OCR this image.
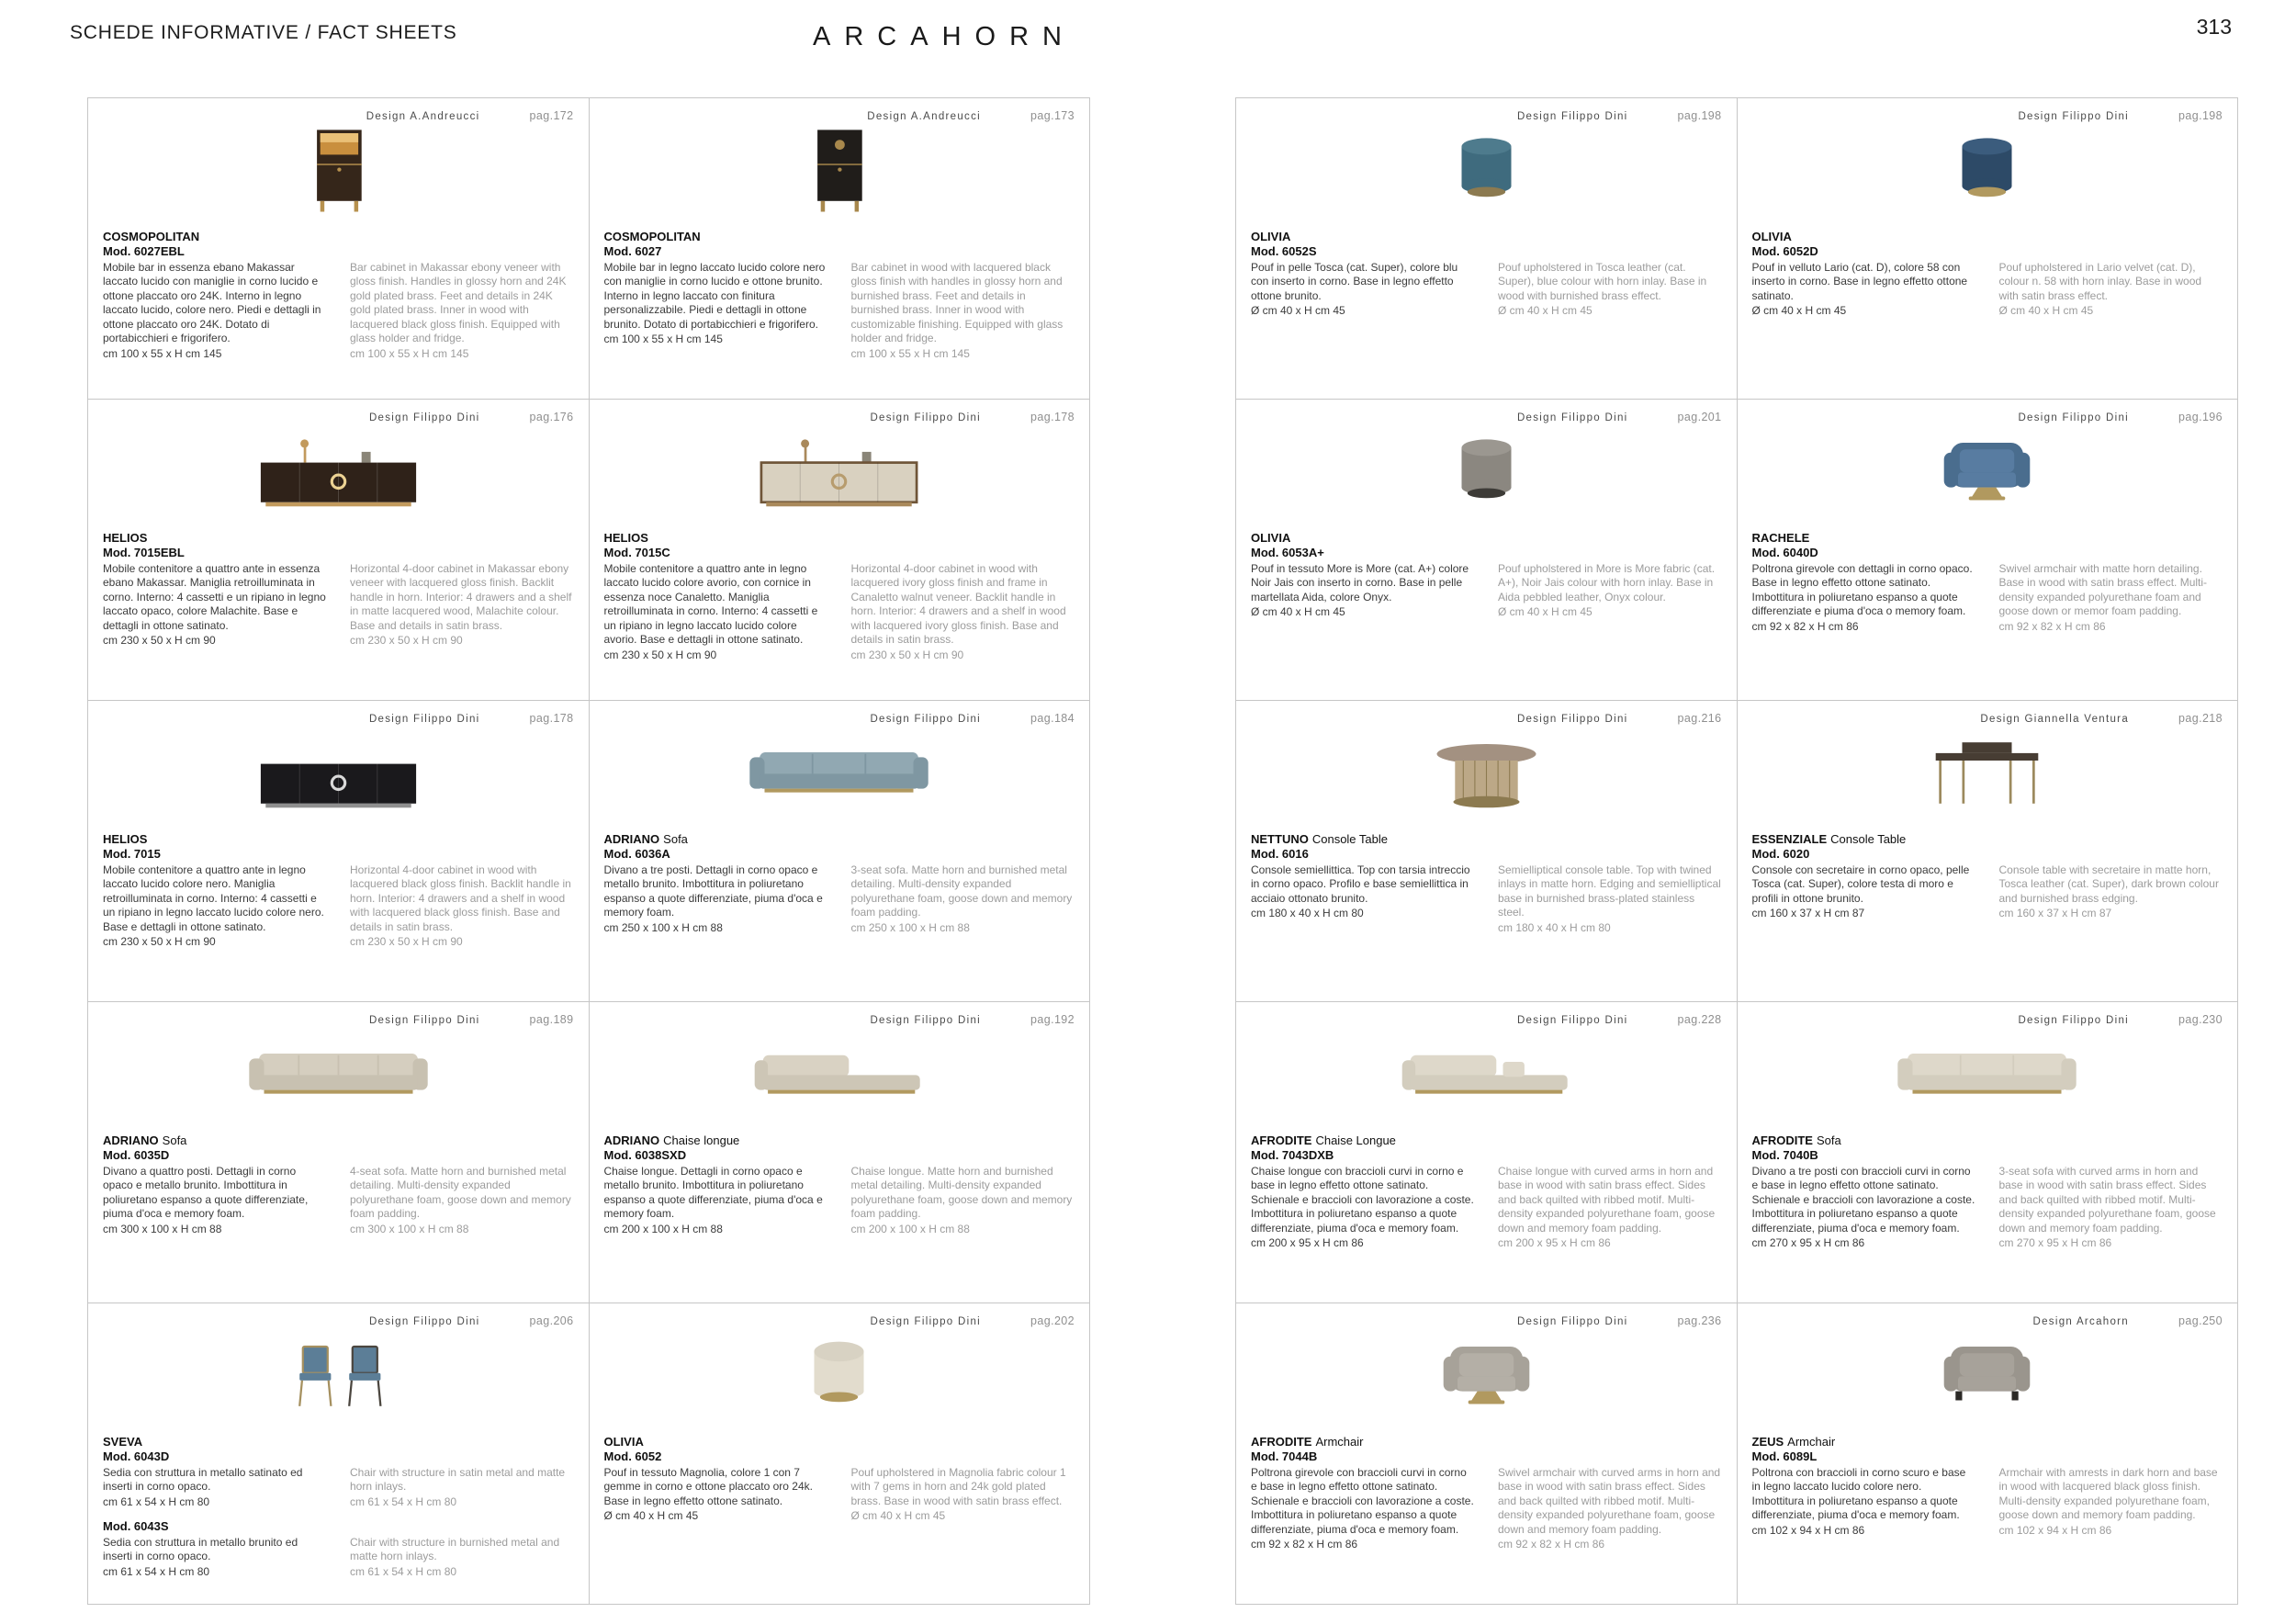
SCHEDE INFORMATIVE / FACT SHEETS	ARCAHORN	313
Design A.Andreucci	pag.172
COSMOPOLITAN
Mod. 6027EBL
Mobile bar in essenza ebano Makassar laccato lucido con maniglie in corno lucido e ottone placcato oro 24K. Interno in legno laccato lucido, colore nero. Piedi e dettagli in ottone placcato oro 24K. Dotato di portabicchieri e frigorifero.
cm 100 x 55 x H cm 145
Bar cabinet in Makassar ebony veneer with gloss finish. Handles in glossy horn and 24K gold plated brass. Feet and details in 24K gold plated brass. Inner in wood with lacquered black gloss finish. Equipped with glass holder and fridge.
cm 100 x 55 x H cm 145
Design A.Andreucci	pag.173
COSMOPOLITAN
Mod. 6027
Mobile bar in legno laccato lucido colore nero con maniglie in corno lucido e ottone brunito. Interno in legno laccato con finitura personalizzabile. Piedi e dettagli in ottone brunito. Dotato di portabicchieri e frigorifero.
cm 100 x 55 x H cm 145
Bar cabinet in wood with lacquered black gloss finish with handles in glossy horn and burnished brass. Feet and details in burnished brass. Inner in wood with customizable finishing. Equipped with glass holder and fridge.
cm 100 x 55 x H cm 145
Design Filippo Dini	pag.176
HELIOS
Mod. 7015EBL
Mobile contenitore a quattro ante in essenza ebano Makassar. Maniglia retroilluminata in corno. Interno: 4 cassetti e un ripiano in legno laccato opaco, colore Malachite. Base e dettagli in ottone satinato.
cm 230 x 50 x H cm 90
Horizontal 4-door cabinet in Makassar ebony veneer with lacquered gloss finish. Backlit handle in horn. Interior: 4 drawers and a shelf in matte lacquered wood, Malachite colour. Base and details in satin brass.
cm 230 x 50 x H cm 90
Design Filippo Dini	pag.178
HELIOS
Mod. 7015C
Mobile contenitore a quattro ante in legno laccato lucido colore avorio, con cornice in essenza noce Canaletto. Maniglia retroilluminata in corno. Interno: 4 cassetti e un ripiano in legno laccato lucido colore avorio. Base e dettagli in ottone satinato.
cm 230 x 50 x H cm 90
Horizontal 4-door cabinet in wood with lacquered ivory gloss finish and frame in Canaletto walnut veneer. Backlit handle in horn. Interior: 4 drawers and a shelf in wood with lacquered ivory gloss finish. Base and details in satin brass.
cm 230 x 50 x H cm 90
Design Filippo Dini	pag.178
HELIOS
Mod. 7015
Mobile contenitore a quattro ante in legno laccato lucido colore nero. Maniglia retroilluminata in corno. Interno: 4 cassetti e un ripiano in legno laccato lucido colore nero. Base e dettagli in ottone satinato.
cm 230 x 50 x H cm 90
Horizontal 4-door cabinet in wood with lacquered black gloss finish. Backlit handle in horn. Interior: 4 drawers and a shelf in wood with lacquered black gloss finish. Base and details in satin brass.
cm 230 x 50 x H cm 90
Design Filippo Dini	pag.184
ADRIANO Sofa
Mod. 6036A
Divano a tre posti. Dettagli in corno opaco e metallo brunito. Imbottitura in poliuretano espanso a quote differenziate, piuma d'oca e memory foam.
cm 250 x 100 x H cm 88
3-seat sofa. Matte horn and burnished metal detailing. Multi-density expanded polyurethane foam, goose down and memory foam padding.
cm 250 x 100 x H cm 88
Design Filippo Dini	pag.189
ADRIANO Sofa
Mod. 6035D
Divano a quattro posti. Dettagli in corno opaco e metallo brunito. Imbottitura in poliuretano espanso a quote differenziate, piuma d'oca e memory foam.
cm 300 x 100 x H cm 88
4-seat sofa. Matte horn and burnished metal detailing. Multi-density expanded polyurethane foam, goose down and memory foam padding.
cm 300 x 100 x H cm 88
Design Filippo Dini	pag.192
ADRIANO Chaise longue
Mod. 6038SXD
Chaise longue. Dettagli in corno opaco e metallo brunito. Imbottitura in poliuretano espanso a quote differenziate, piuma d'oca e memory foam.
cm 200 x 100 x H cm 88
Chaise longue. Matte horn and burnished metal detailing. Multi-density expanded polyurethane foam, goose down and memory foam padding.
cm 200 x 100 x H cm 88
Design Filippo Dini	pag.206
SVEVA
Mod. 6043D
Sedia con struttura in metallo satinato ed inserti in corno opaco.
cm 61 x 54 x H cm 80
Chair with structure in satin metal and matte horn inlays.
cm 61 x 54 x H cm 80
Mod. 6043S
Sedia con struttura in metallo brunito ed inserti in corno opaco.
cm 61 x 54 x H cm 80
Chair with structure in burnished metal and matte horn inlays.
cm 61 x 54 x H cm 80
Design Filippo Dini	pag.202
OLIVIA
Mod. 6052
Pouf in tessuto Magnolia, colore 1 con 7 gemme in corno e ottone placcato oro 24k. Base in legno effetto ottone satinato.
Ø cm 40 x H cm 45
Pouf upholstered in Magnolia fabric colour 1 with 7 gems in horn and 24k gold plated brass. Base in wood with satin brass effect.
Ø cm 40 x H cm 45
Design Filippo Dini	pag.198
OLIVIA
Mod. 6052S
Pouf in pelle Tosca (cat. Super), colore blu con inserto in corno. Base in legno effetto ottone brunito.
Ø cm 40 x H cm 45
Pouf upholstered in Tosca leather (cat. Super), blue colour with horn inlay. Base in wood with burnished brass effect.
Ø cm 40 x H cm 45
Design Filippo Dini	pag.198
OLIVIA
Mod. 6052D
Pouf in velluto Lario (cat. D), colore 58 con inserto in corno. Base in legno effetto ottone satinato.
Ø cm 40 x H cm 45
Pouf upholstered in Lario velvet (cat. D), colour n. 58 with horn inlay. Base in wood with satin brass effect.
Ø cm 40 x H cm 45
Design Filippo Dini	pag.201
OLIVIA
Mod. 6053A+
Pouf in tessuto More is More (cat. A+) colore Noir Jais con inserto in corno. Base in pelle martellata Aida, colore Onyx.
Ø cm 40 x H cm 45
Pouf upholstered in More is More fabric (cat. A+), Noir Jais colour with horn inlay. Base in Aida pebbled leather, Onyx colour.
Ø cm 40 x H cm 45
Design Filippo Dini	pag.196
RACHELE
Mod. 6040D
Poltrona girevole con dettagli in corno opaco. Base in legno effetto ottone satinato. Imbottitura in poliuretano espanso a quote differenziate e piuma d'oca o memory foam.
cm 92 x 82 x H cm 86
Swivel armchair with matte horn detailing. Base in wood with satin brass effect. Multi-density expanded polyurethane foam and goose down or memor foam padding.
cm 92 x 82 x H cm 86
Design Filippo Dini	pag.216
NETTUNO Console Table
Mod. 6016
Console semiellittica. Top con tarsia intreccio in corno opaco. Profilo e base semiellittica in acciaio ottonato brunito.
cm 180 x 40 x H cm 80
Semielliptical console table. Top with twined inlays in matte horn. Edging and semielliptical base in burnished brass-plated stainless steel.
cm 180 x 40 x H cm 80
Design Giannella Ventura	pag.218
ESSENZIALE Console Table
Mod. 6020
Console con secretaire in corno opaco, pelle Tosca (cat. Super), colore testa di moro e profili in ottone brunito.
cm 160 x 37 x H cm 87
Console table with secretaire in matte horn, Tosca leather (cat. Super), dark brown colour and burnished brass edging.
cm 160 x 37 x H cm 87
Design Filippo Dini	pag.228
AFRODITE Chaise Longue
Mod. 7043DXB
Chaise longue con braccioli curvi in corno e base in legno effetto ottone satinato. Schienale e braccioli con lavorazione a coste. Imbottitura in poliuretano espanso a quote differenziate, piuma d'oca e memory foam.
cm 200 x 95 x H cm 86
Chaise longue with curved arms in horn and base in wood with satin brass effect. Sides and back quilted with ribbed motif. Multi-density expanded polyurethane foam, goose down and memory foam padding.
cm 200 x 95 x H cm 86
Design Filippo Dini	pag.230
AFRODITE Sofa
Mod. 7040B
Divano a tre posti con braccioli curvi in corno e base in legno effetto ottone satinato. Schienale e braccioli con lavorazione a coste. Imbottitura in poliuretano espanso a quote differenziate, piuma d'oca e memory foam.
cm 270 x 95 x H cm 86
3-seat sofa with curved arms in horn and base in wood with satin brass effect. Sides and back quilted with ribbed motif. Multi-density expanded polyurethane foam, goose down and memory foam padding.
cm 270 x 95 x H cm 86
Design Filippo Dini	pag.236
AFRODITE Armchair
Mod. 7044B
Poltrona girevole con braccioli curvi in corno e base in legno effetto ottone satinato. Schienale e braccioli con lavorazione a coste. Imbottitura in poliuretano espanso a quote differenziate, piuma d'oca e memory foam.
cm 92 x 82 x H cm 86
Swivel armchair with curved arms in horn and base in wood with satin brass effect. Sides and back quilted with ribbed motif. Multi-density expanded polyurethane foam, goose down and memory foam padding.
cm 92 x 82 x H cm 86
Design Arcahorn	pag.250
ZEUS Armchair
Mod. 6089L
Poltrona con braccioli in corno scuro e base in legno laccato lucido colore nero. Imbottitura in poliuretano espanso a quote differenziate, piuma d'oca e memory foam.
cm 102 x 94 x H cm 86
Armchair with amrests in dark horn and base in wood with lacquered black gloss finish. Multi-density expanded polyurethane foam, goose down and memory foam padding.
cm 102 x 94 x H cm 86
